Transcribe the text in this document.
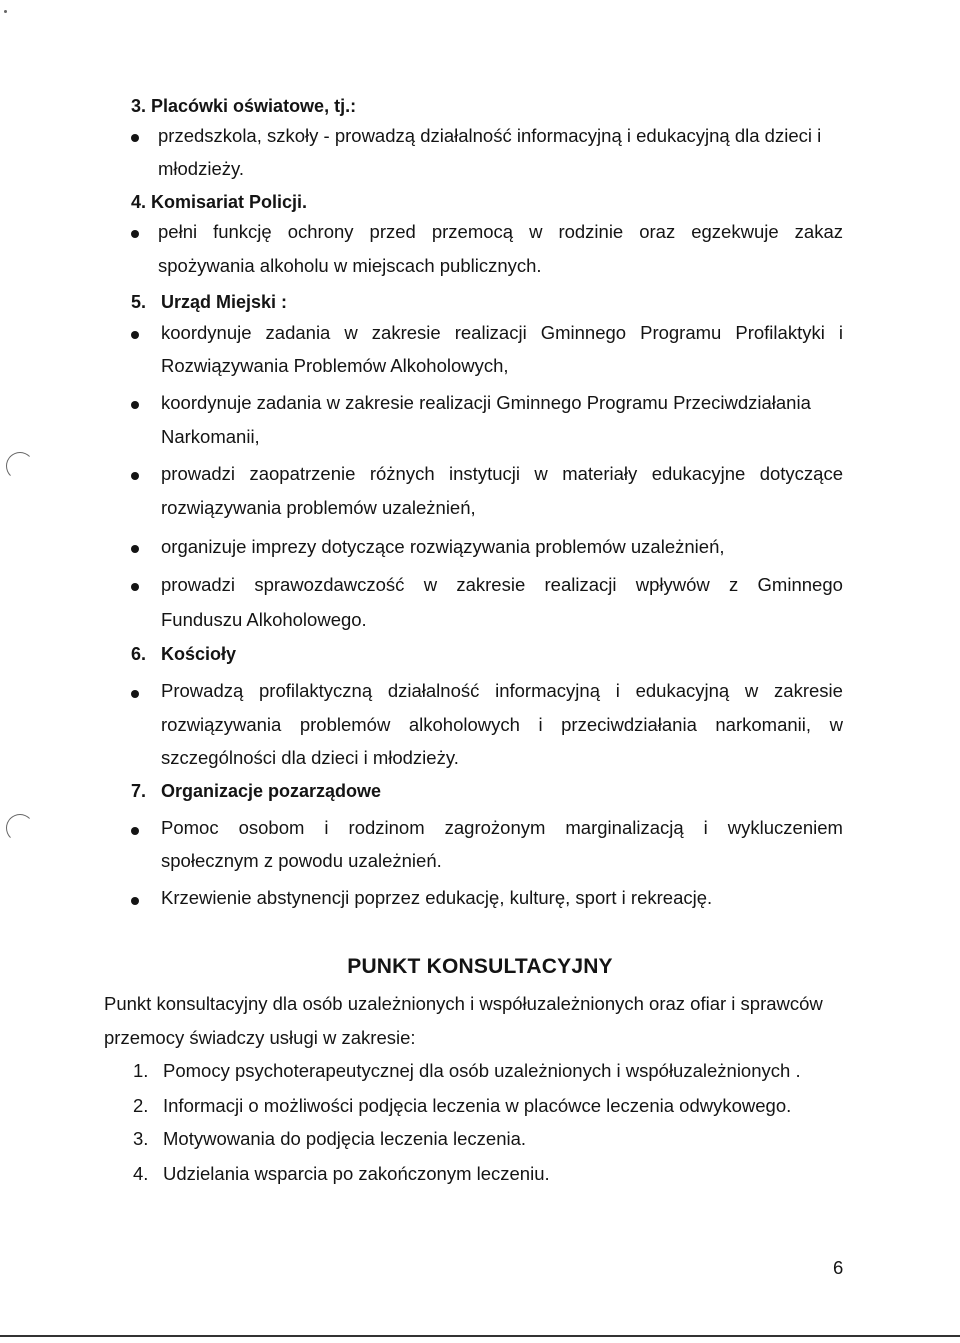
3. Placówki oświatowe, tj.:
przedszkola, szkoły - prowadzą działalność informacyjną i edukacyjną dla dzieci i
młodzieży.
4. Komisariat Policji.
pełni funkcję ochrony przed przemocą w rodzinie oraz egzekwuje zakaz
spożywania alkoholu w miejscach publicznych.
5. Urząd Miejski :
koordynuje zadania w zakresie realizacji Gminnego Programu Profilaktyki i
Rozwiązywania Problemów Alkoholowych,
koordynuje zadania w zakresie realizacji Gminnego Programu Przeciwdziałania
Narkomanii,
prowadzi zaopatrzenie różnych instytucji w materiały edukacyjne dotyczące
rozwiązywania problemów uzależnień,
organizuje imprezy dotyczące rozwiązywania problemów uzależnień,
prowadzi sprawozdawczość w zakresie realizacji wpływów z Gminnego
Funduszu Alkoholowego.
6. Kościoły
Prowadzą profilaktyczną działalność informacyjną i edukacyjną w zakresie
rozwiązywania problemów alkoholowych i przeciwdziałania narkomanii, w
szczególności dla dzieci i młodzieży.
7. Organizacje pozarządowe
Pomoc osobom i rodzinom zagrożonym marginalizacją i wykluczeniem
społecznym z powodu uzależnień.
Krzewienie abstynencji poprzez edukację, kulturę, sport i rekreację.
PUNKT KONSULTACYJNY
Punkt konsultacyjny dla osób uzależnionych i współuzależnionych oraz ofiar i sprawców
przemocy świadczy usługi w zakresie:
1. Pomocy psychoterapeutycznej dla osób uzależnionych i współuzależnionych .
2. Informacji o możliwości podjęcia leczenia w placówce leczenia odwykowego.
3. Motywowania do podjęcia leczenia leczenia.
4. Udzielania wsparcia po zakończonym leczeniu.
6
